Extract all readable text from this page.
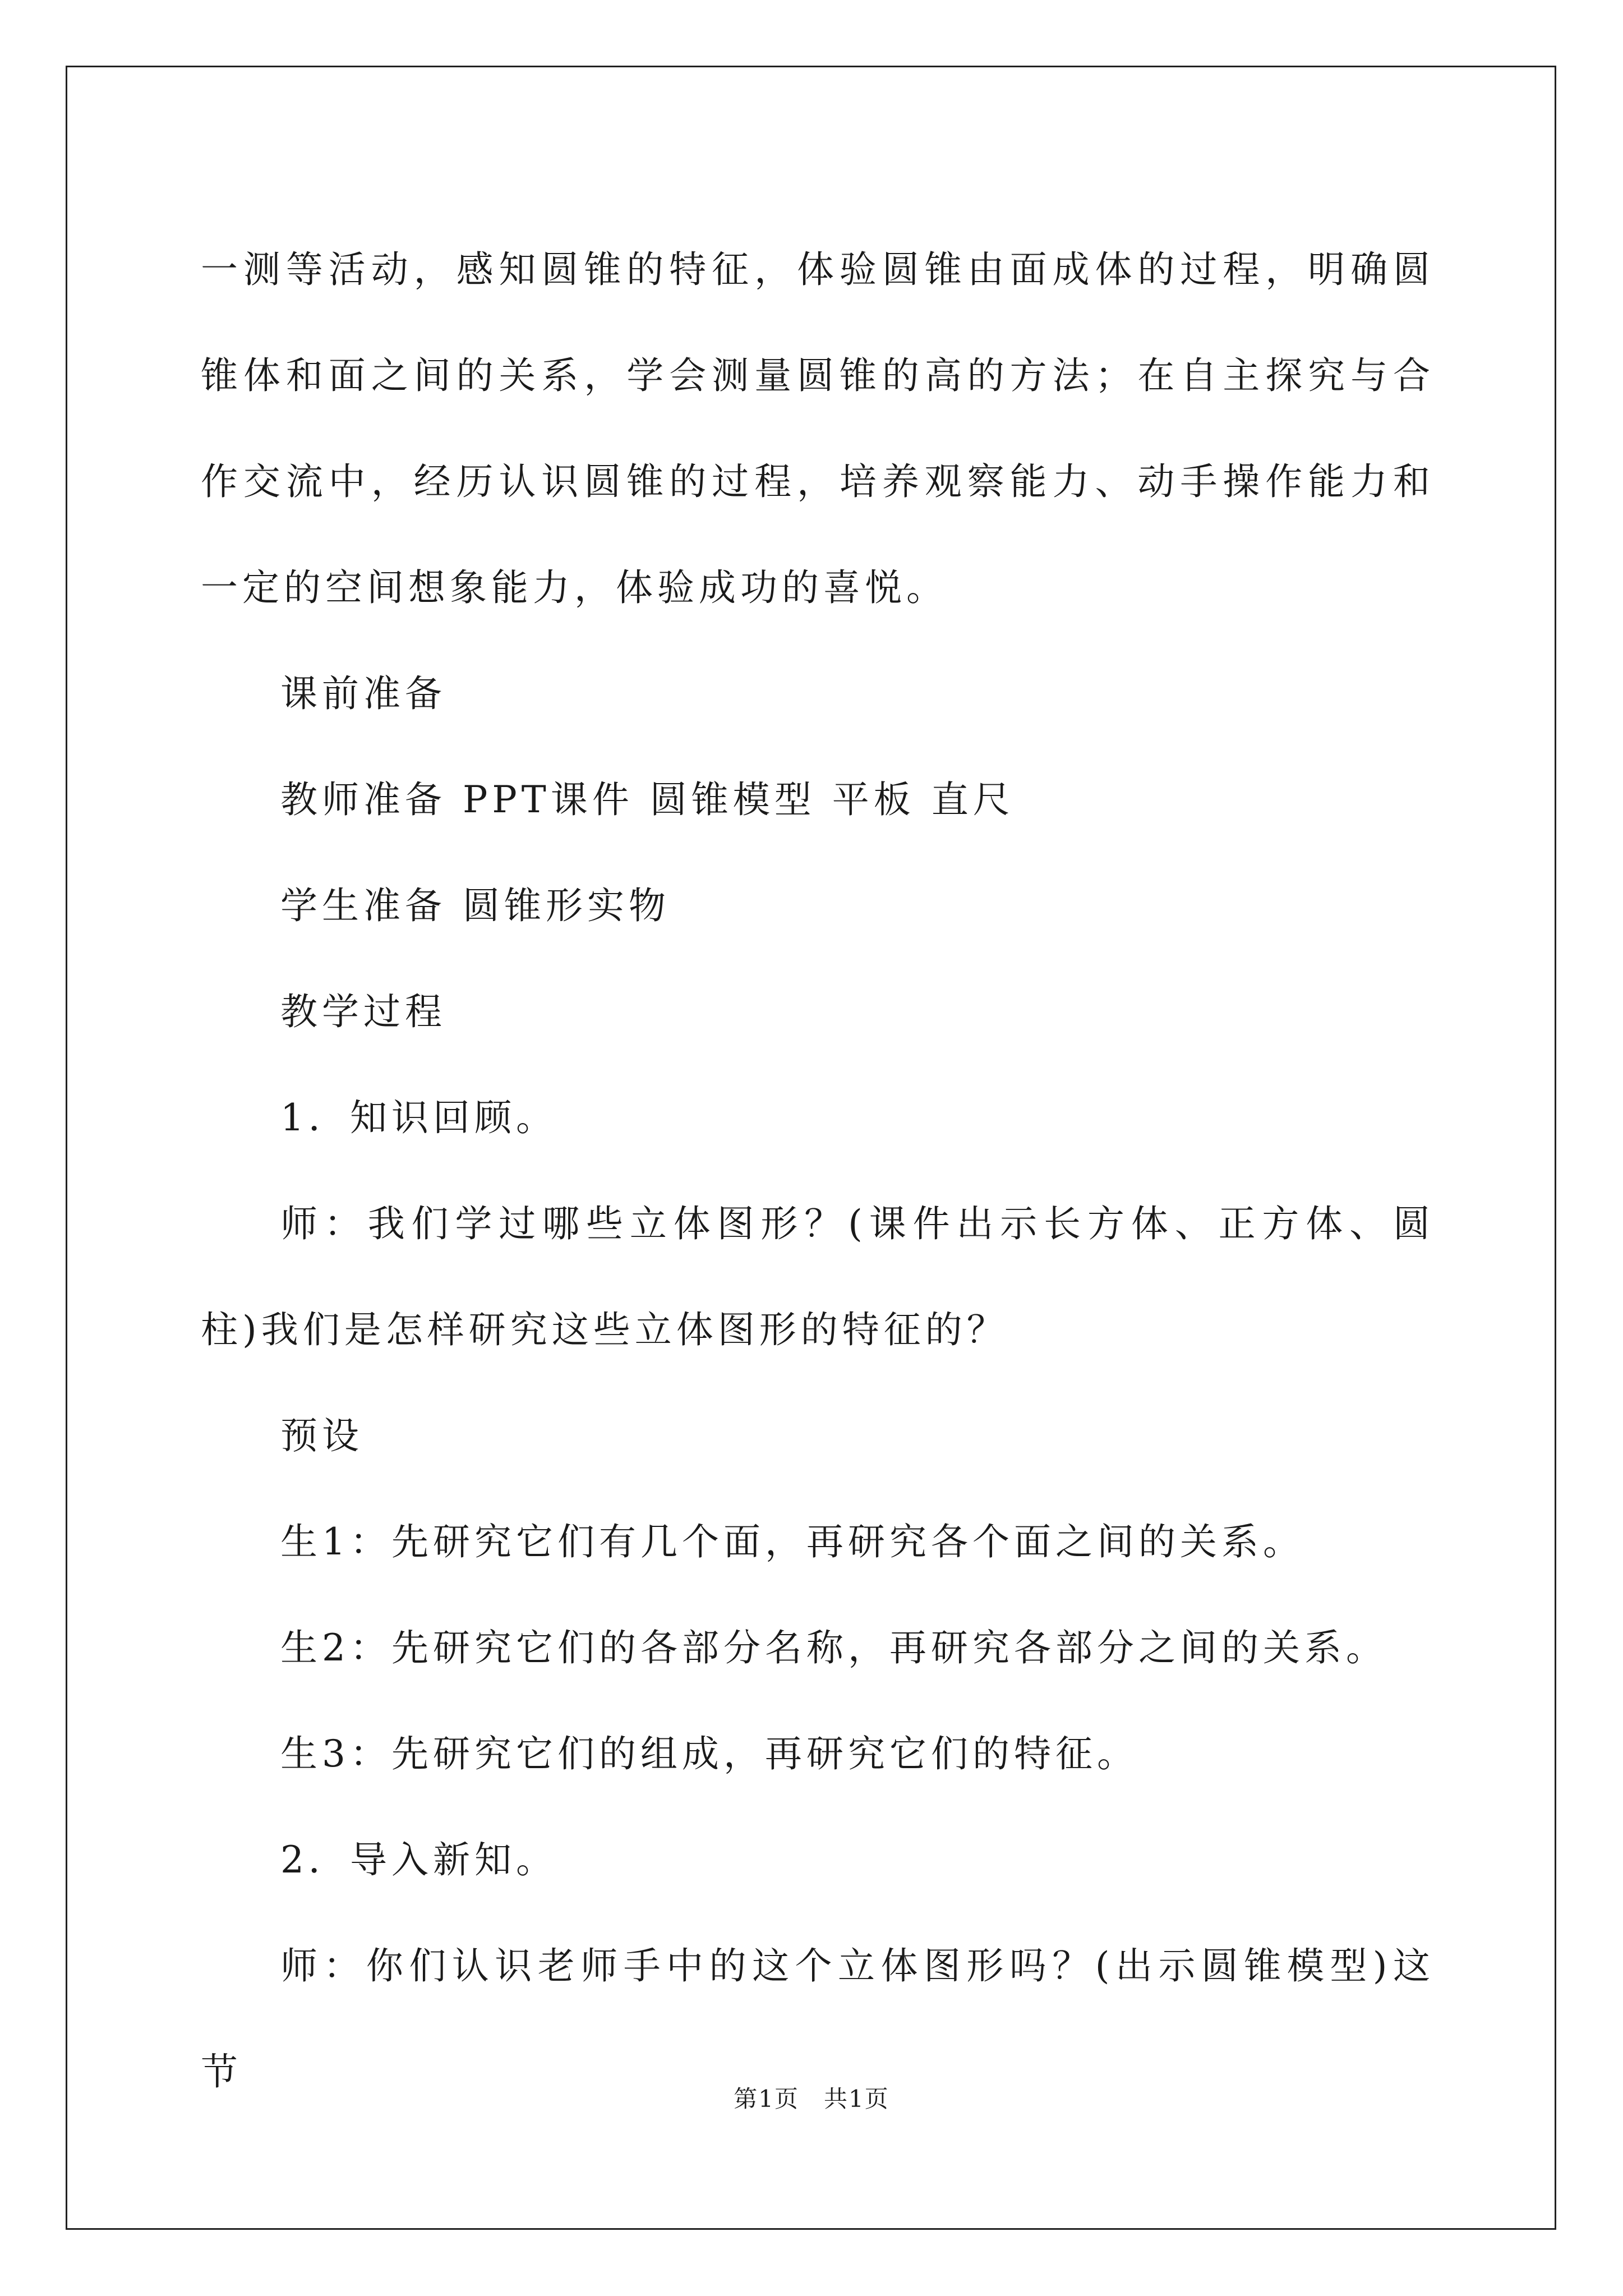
一测等活动，感知圆锥的特征，体验圆锥由面成体的过程，明确圆锥体和面之间的关系，学会测量圆锥的高的方法；在自主探究与合作交流中，经历认识圆锥的过程，培养观察能力、动手操作能力和一定的空间想象能力，体验成功的喜悦。

课前准备

教师准备 PPT课件 圆锥模型 平板 直尺

学生准备 圆锥形实物

教学过程

1．知识回顾。

师：我们学过哪些立体图形？(课件出示长方体、正方体、圆柱)我们是怎样研究这些立体图形的特征的？

预设

生1：先研究它们有几个面，再研究各个面之间的关系。

生2：先研究它们的各部分名称，再研究各部分之间的关系。

生3：先研究它们的组成，再研究它们的特征。

2．导入新知。

师：你们认识老师手中的这个立体图形吗？(出示圆锥模型)这节

第1页　共1页
